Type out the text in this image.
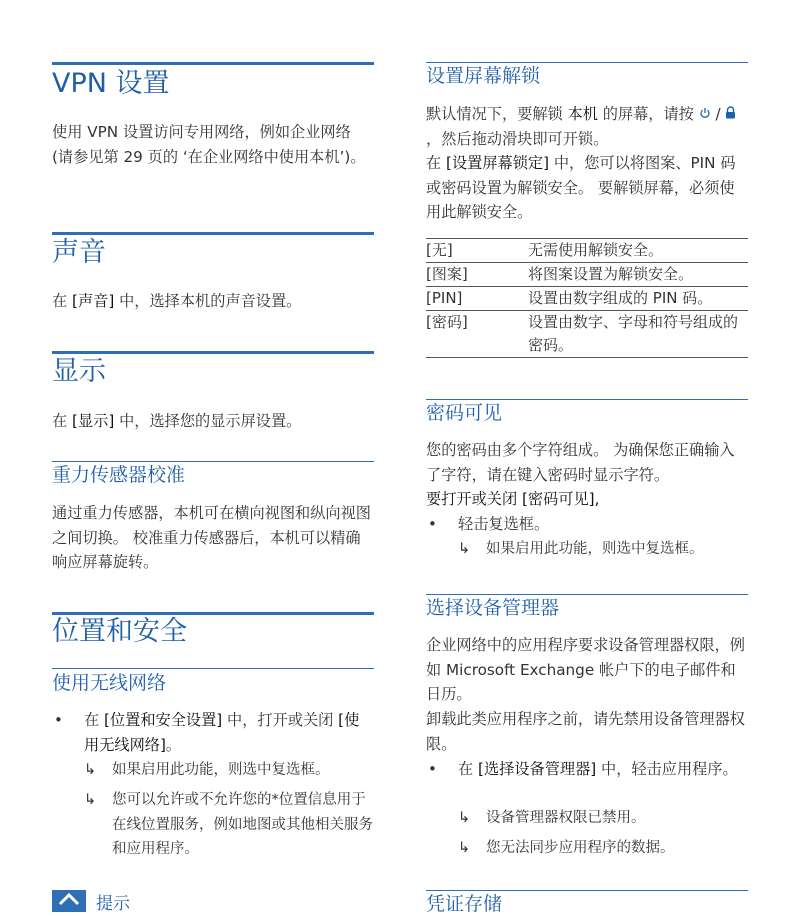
VPN 设置
使用 VPN 设置访问专用网络，例如企业网络 (请参见第 29 页的 ‘在企业网络中使用本机’)。
声音
在 [声音] 中，选择本机的声音设置。
显示
在 [显示] 中，选择您的显示屏设置。
重力传感器校准
通过重力传感器，本机可在横向视图和纵向视图之间切换。 校准重力传感器后，本机可以精确响应屏幕旋转。
位置和安全
使用无线网络
• 在 [位置和安全设置] 中，打开或关闭 [使用无线网络]。
↳	如果启用此功能，则选中复选框。
↳	您可以允许或不允许您的*位置信息用于在线位置服务，例如地图或其他相关服务和应用程序。
提示
设置屏幕解锁
默认情况下，要解锁 本机 的屏幕，请按  / ，然后拖动滑块即可开锁。
在 [设置屏幕锁定] 中，您可以将图案、PIN 码或密码设置为解锁安全。 要解锁屏幕，必须使用此解锁安全。
[无]	无需使用解锁安全。
[图案]	将图案设置为解锁安全。
[PIN]	设置由数字组成的 PIN 码。
[密码]	设置由数字、字母和符号组成的密码。
密码可见
您的密码由多个字符组成。 为确保您正确输入了字符，请在键入密码时显示字符。
要打开或关闭 [密码可见],
• 轻击复选框。
↳	如果启用此功能，则选中复选框。
选择设备管理器
企业网络中的应用程序要求设备管理器权限，例如 Microsoft Exchange 帐户下的电子邮件和日历。
卸载此类应用程序之前，请先禁用设备管理器权限。
• 在 [选择设备管理器] 中，轻击应用程序。
↳	设备管理器权限已禁用。
↳	您无法同步应用程序的数据。
凭证存储
